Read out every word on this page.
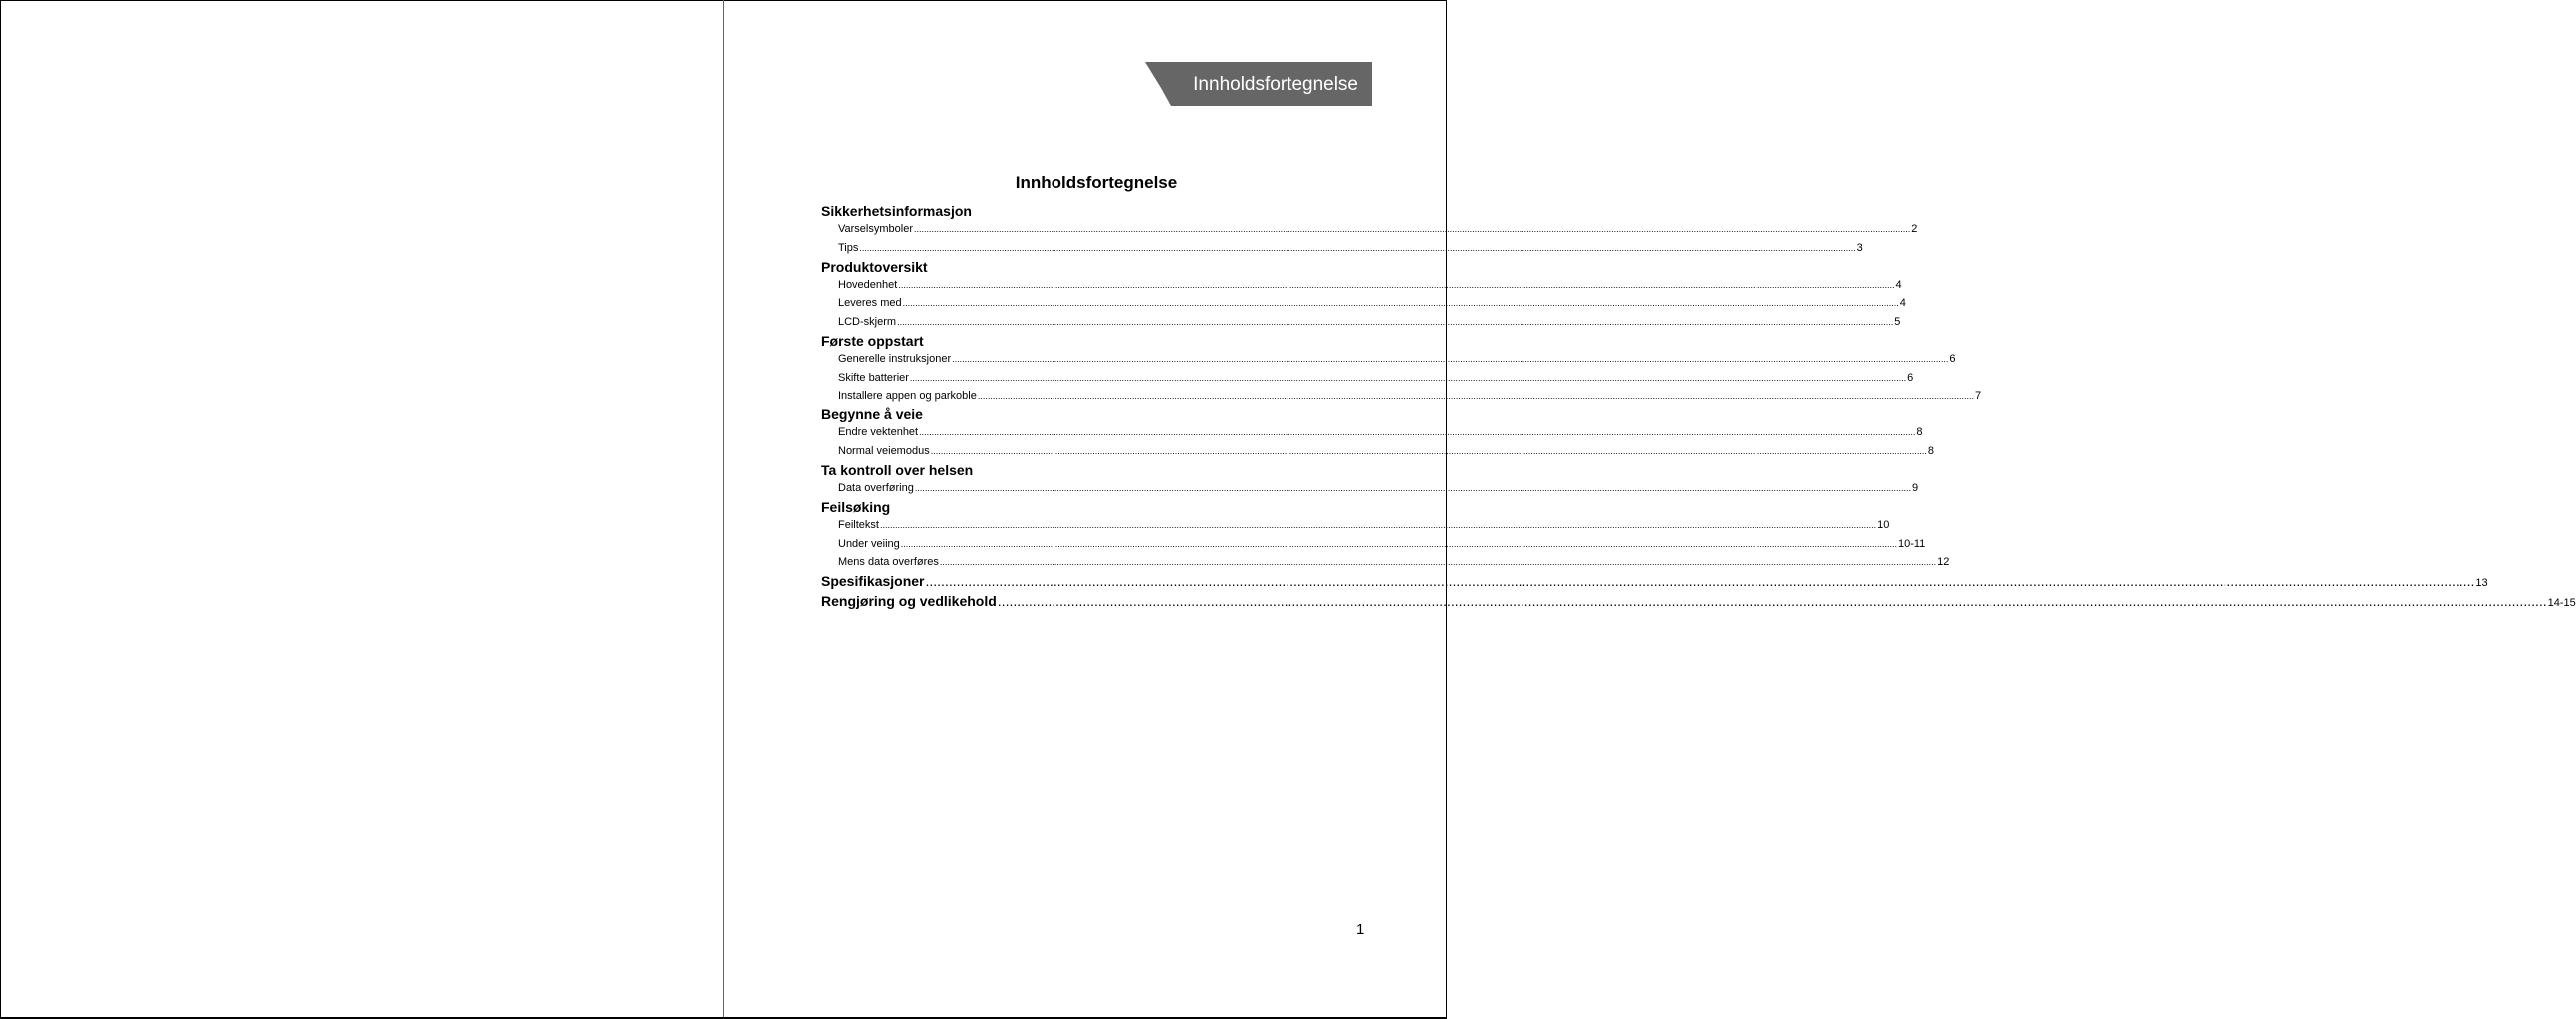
Innholdsfortegnelse
Innholdsfortegnelse
Sikkerhetsinformasjon
Varselsymboler ................................................................................................................................................................................................................................................................................................................................................................................................................ 2
Tips ................................................................................................................................................................................................................................................................................................................................................................................................................ 3
Produktoversikt
Hovedenhet ................................................................................................................................................................................................................................................................................................................................................................................................................ 4
Leveres med ................................................................................................................................................................................................................................................................................................................................................................................................................ 4
LCD-skjerm ................................................................................................................................................................................................................................................................................................................................................................................................................ 5
Første oppstart
Generelle instruksjoner ................................................................................................................................................................................................................................................................................................................................................................................................................ 6
Skifte batterier ................................................................................................................................................................................................................................................................................................................................................................................................................ 6
Installere appen og parkoble ................................................................................................................................................................................................................................................................................................................................................................................................................ 7
Begynne å veie
Endre vektenhet ................................................................................................................................................................................................................................................................................................................................................................................................................ 8
Normal veiemodus ................................................................................................................................................................................................................................................................................................................................................................................................................ 8
Ta kontroll over helsen
Data overføring ................................................................................................................................................................................................................................................................................................................................................................................................................ 9
Feilsøking
Feiltekst ................................................................................................................................................................................................................................................................................................................................................................................................................ 10
Under veiing ................................................................................................................................................................................................................................................................................................................................................................................................................ 10-11
Mens data overføres ................................................................................................................................................................................................................................................................................................................................................................................................................ 12
Spesifikasjoner ................................................................................................................................................................................................................................................................................................................................................................................................................ 13
Rengjøring og vedlikehold ................................................................................................................................................................................................................................................................................................................................................................................................................ 14-15
1
